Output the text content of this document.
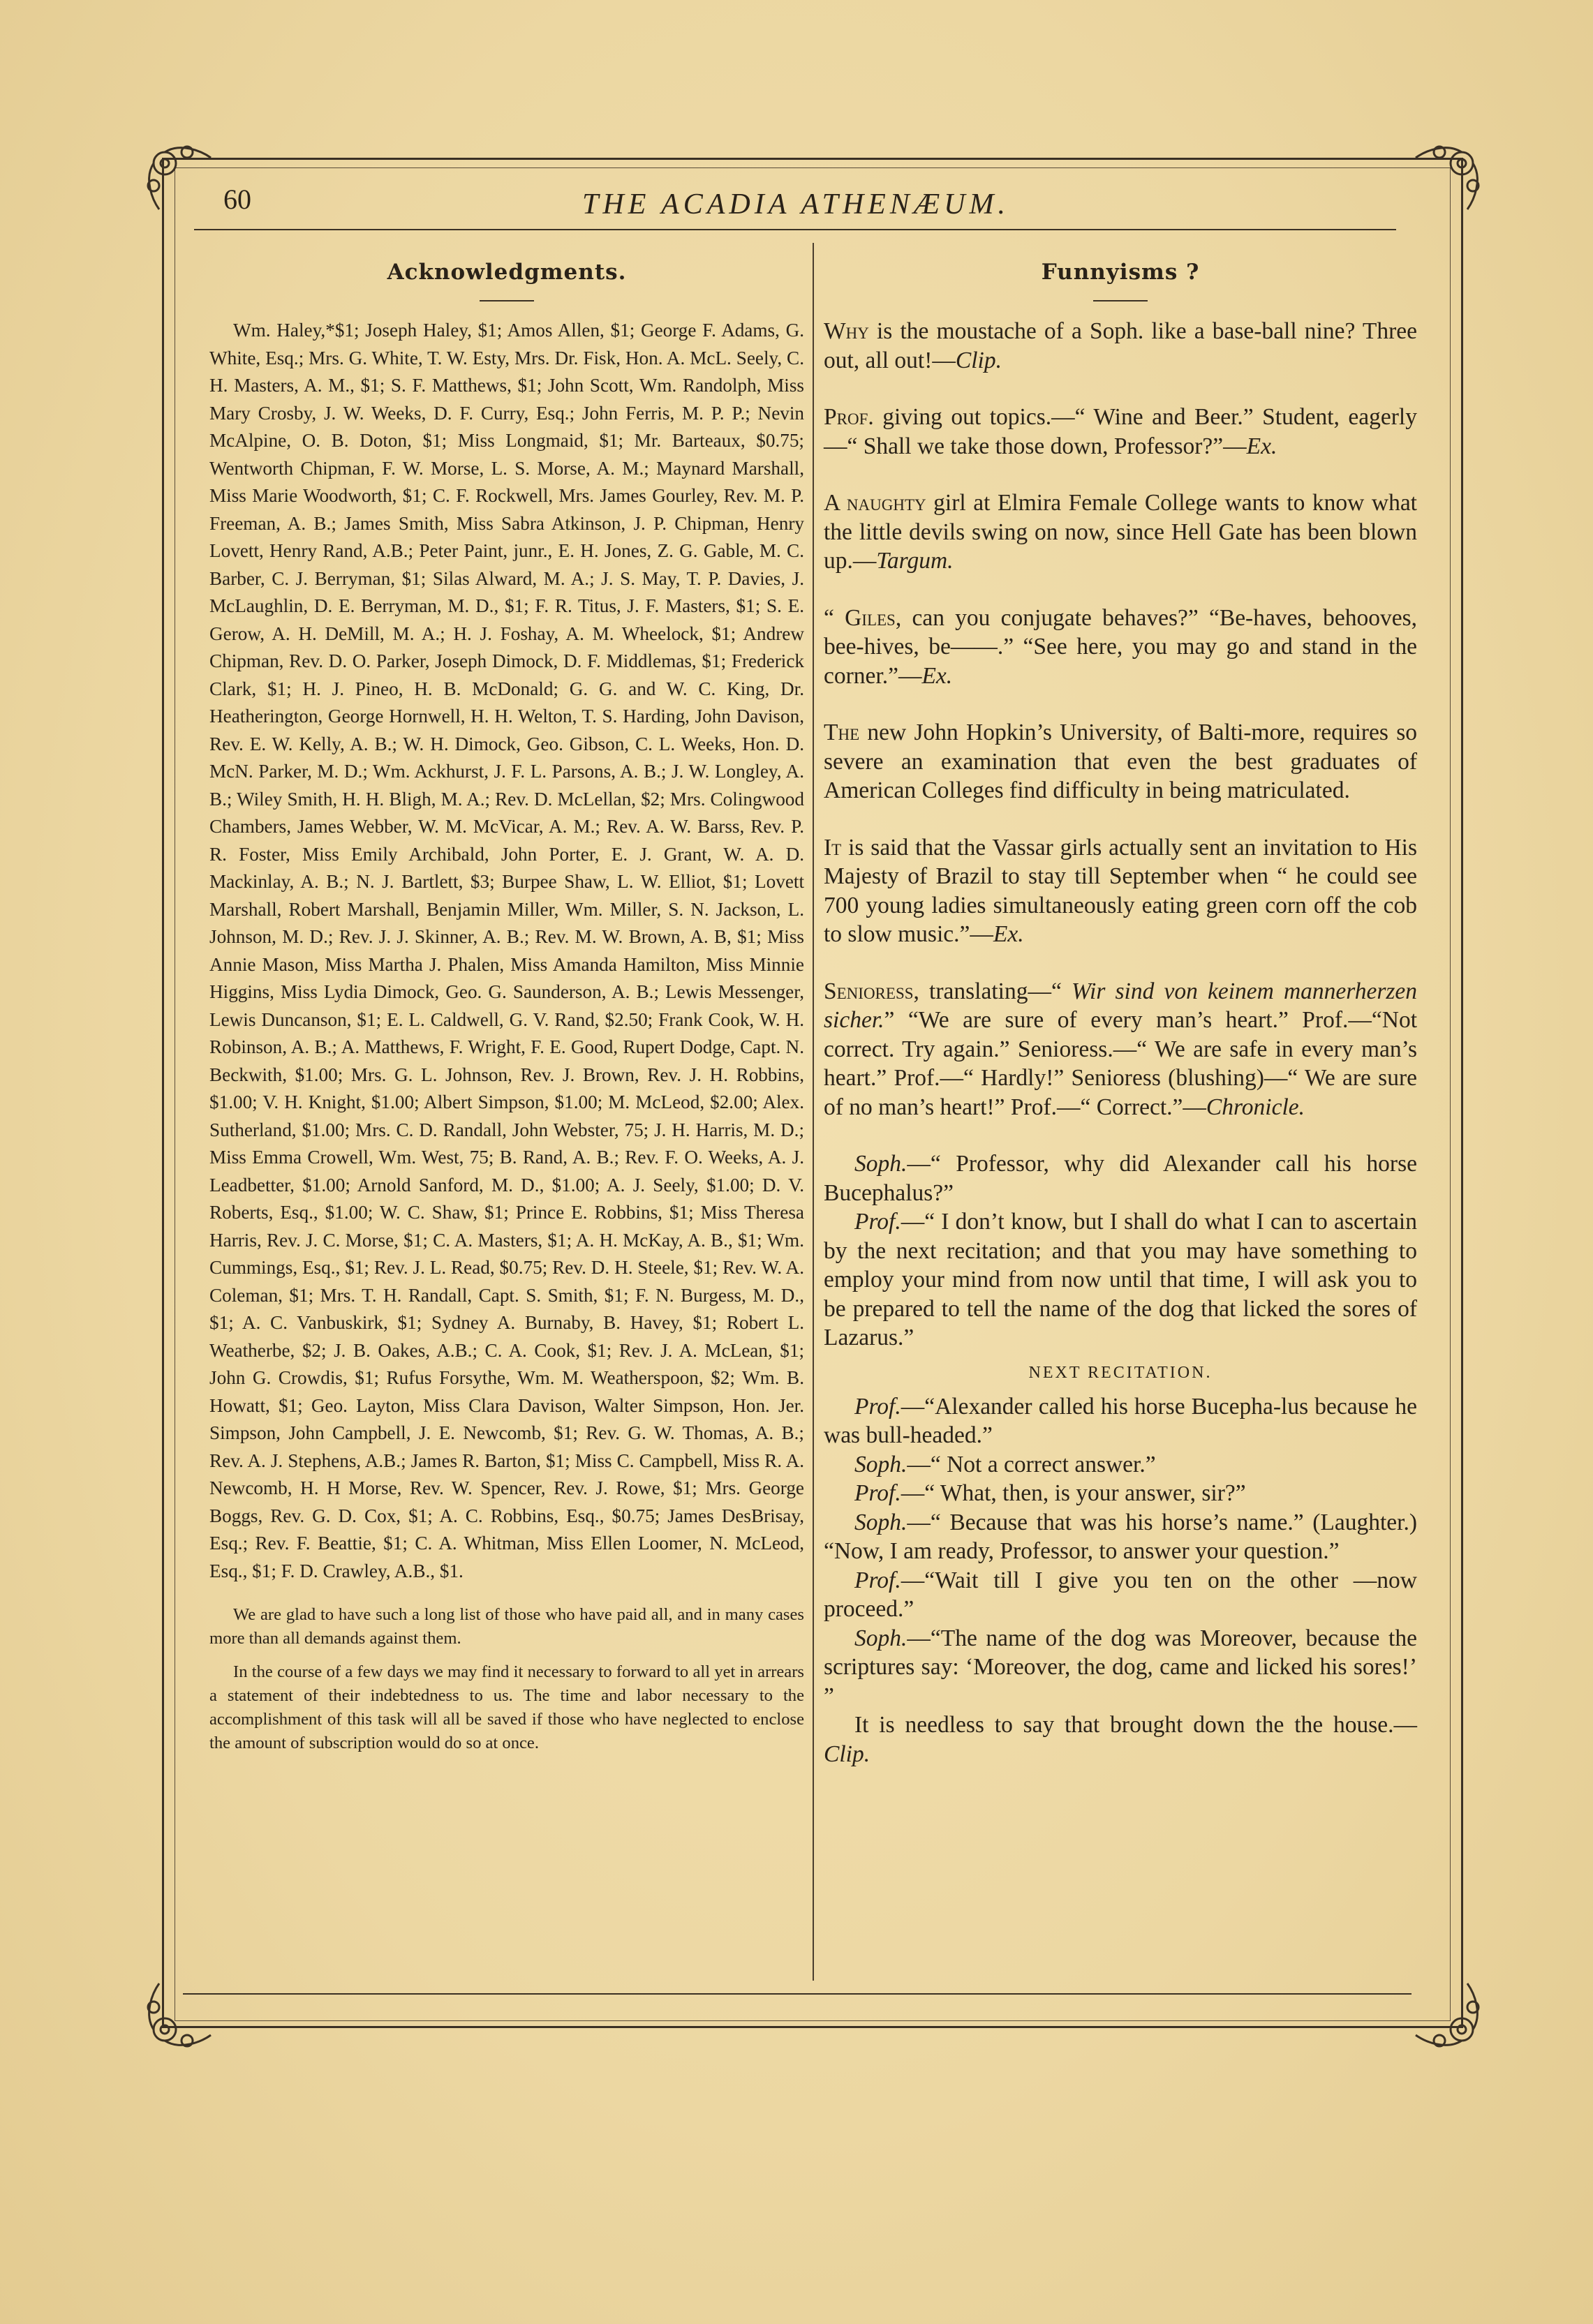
60	THE ACADIA ATHENÆUM.
Acknowledgments.

Wm. Haley,*$1; Joseph Haley, $1; Amos Allen, $1; George F. Adams, G. White, Esq.; Mrs. G. White, T. W. Esty, Mrs. Dr. Fisk, Hon. A. McL. Seely, C. H. Masters, A. M., $1; S. F. Matthews, $1; John Scott, Wm. Randolph, Miss Mary Crosby, J. W. Weeks, D. F. Curry, Esq.; John Ferris, M. P. P.; Nevin McAlpine, O. B. Doton, $1; Miss Longmaid, $1; Mr. Barteaux, $0.75; Wentworth Chipman, F. W. Morse, L. S. Morse, A. M.; Maynard Marshall, Miss Marie Woodworth, $1; C. F. Rockwell, Mrs. James Gourley, Rev. M. P. Freeman, A. B.; James Smith, Miss Sabra Atkinson, J. P. Chipman, Henry Lovett, Henry Rand, A.B.; Peter Paint, junr., E. H. Jones, Z. G. Gable, M. C. Barber, C. J. Berryman, $1; Silas Alward, M. A.; J. S. May, T. P. Davies, J. McLaughlin, D. E. Berryman, M. D., $1; F. R. Titus, J. F. Masters, $1; S. E. Gerow, A. H. DeMill, M. A.; H. J. Foshay, A. M. Wheelock, $1; Andrew Chipman, Rev. D. O. Parker, Joseph Dimock, D. F. Middlemas, $1; Frederick Clark, $1; H. J. Pineo, H. B. McDonald; G. G. and W. C. King, Dr. Heatherington, George Hornwell, H. H. Welton, T. S. Harding, John Davison, Rev. E. W. Kelly, A. B.; W. H. Dimock, Geo. Gibson, C. L. Weeks, Hon. D. McN. Parker, M. D.; Wm. Ackhurst, J. F. L. Parsons, A. B.; J. W. Longley, A. B.; Wiley Smith, H. H. Bligh, M. A.; Rev. D. McLellan, $2; Mrs. Colingwood Chambers, James Webber, W. M. McVicar, A. M.; Rev. A. W. Barss, Rev. P. R. Foster, Miss Emily Archibald, John Porter, E. J. Grant, W. A. D. Mackinlay, A. B.; N. J. Bartlett, $3; Burpee Shaw, L. W. Elliot, $1; Lovett Marshall, Robert Marshall, Benjamin Miller, Wm. Miller, S. N. Jackson, L. Johnson, M. D.; Rev. J. J. Skinner, A. B.; Rev. M. W. Brown, A. B, $1; Miss Annie Mason, Miss Martha J. Phalen, Miss Amanda Hamilton, Miss Minnie Higgins, Miss Lydia Dimock, Geo. G. Saunderson, A. B.; Lewis Messenger, Lewis Duncanson, $1; E. L. Caldwell, G. V. Rand, $2.50; Frank Cook, W. H. Robinson, A. B.; A. Matthews, F. Wright, F. E. Good, Rupert Dodge, Capt. N. Beckwith, $1.00; Mrs. G. L. Johnson, Rev. J. Brown, Rev. J. H. Robbins, $1.00; V. H. Knight, $1.00; Albert Simpson, $1.00; M. McLeod, $2.00; Alex. Sutherland, $1.00; Mrs. C. D. Randall, John Webster, 75; J. H. Harris, M. D.; Miss Emma Crowell, Wm. West, 75; B. Rand, A. B.; Rev. F. O. Weeks, A. J. Leadbetter, $1.00; Arnold Sanford, M. D., $1.00; A. J. Seely, $1.00; D. V. Roberts, Esq., $1.00; W. C. Shaw, $1; Prince E. Robbins, $1; Miss Theresa Harris, Rev. J. C. Morse, $1; C. A. Masters, $1; A. H. McKay, A. B., $1; Wm. Cummings, Esq., $1; Rev. J. L. Read, $0.75; Rev. D. H. Steele, $1; Rev. W. A. Coleman, $1; Mrs. T. H. Randall, Capt. S. Smith, $1; F. N. Burgess, M. D., $1; A. C. Vanbuskirk, $1; Sydney A. Burnaby, B. Havey, $1; Robert L. Weatherbe, $2; J. B. Oakes, A.B.; C. A. Cook, $1; Rev. J. A. McLean, $1; John G. Crowdis, $1; Rufus Forsythe, Wm. M. Weatherspoon, $2; Wm. B. Howatt, $1; Geo. Layton, Miss Clara Davison, Walter Simpson, Hon. Jer. Simpson, John Campbell, J. E. Newcomb, $1; Rev. G. W. Thomas, A. B.; Rev. A. J. Stephens, A.B.; James R. Barton, $1; Miss C. Campbell, Miss R. A. Newcomb, H. H Morse, Rev. W. Spencer, Rev. J. Rowe, $1; Mrs. George Boggs, Rev. G. D. Cox, $1; A. C. Robbins, Esq., $0.75; James DesBrisay, Esq.; Rev. F. Beattie, $1; C. A. Whitman, Miss Ellen Loomer, N. McLeod, Esq., $1; F. D. Crawley, A.B., $1.

We are glad to have such a long list of those who have paid all, and in many cases more than all demands against them.

In the course of a few days we may find it necessary to forward to all yet in arrears a statement of their indebtedness to us. The time and labor necessary to the accomplishment of this task will all be saved if those who have neglected to enclose the amount of subscription would do so at once.

Funnyisms ?

Why is the moustache of a Soph. like a base-ball nine? Three out, all out!—Clip.

Prof. giving out topics.—“ Wine and Beer.” Student, eagerly—“ Shall we take those down, Professor?”—Ex.

A naughty girl at Elmira Female College wants to know what the little devils swing on now, since Hell Gate has been blown up.—Targum.

“ Giles, can you conjugate behaves?” “Be-haves, behooves, bee-hives, be——.” “See here, you may go and stand in the corner.”—Ex.

The new John Hopkin’s University, of Balti-more, requires so severe an examination that even the best graduates of American Colleges find difficulty in being matriculated.

It is said that the Vassar girls actually sent an invitation to His Majesty of Brazil to stay till September when “ he could see 700 young ladies simultaneously eating green corn off the cob to slow music.”—Ex.

Senioress, translating—“ Wir sind von keinem mannerherzen sicher.” “We are sure of every man’s heart.” Prof.—“Not correct. Try again.” Senioress.—“ We are safe in every man’s heart.” Prof.—“ Hardly!” Senioress (blushing)—“ We are sure of no man’s heart!” Prof.—“ Correct.”—Chronicle.

Soph.—“ Professor, why did Alexander call his horse Bucephalus?”

Prof.—“ I don’t know, but I shall do what I can to ascertain by the next recitation; and that you may have something to employ your mind from now until that time, I will ask you to be prepared to tell the name of the dog that licked the sores of Lazarus.”

NEXT RECITATION.

Prof.—“Alexander called his horse Bucepha-lus because he was bull-headed.”

Soph.—“ Not a correct answer.”

Prof.—“ What, then, is your answer, sir?”

Soph.—“ Because that was his horse’s name.” (Laughter.) “Now, I am ready, Professor, to answer your question.”

Prof.—“Wait till I give you ten on the other —now proceed.”

Soph.—“The name of the dog was Moreover, because the scriptures say: ‘Moreover, the dog, came and licked his sores!’ ”

It is needless to say that brought down the the house.—Clip.
